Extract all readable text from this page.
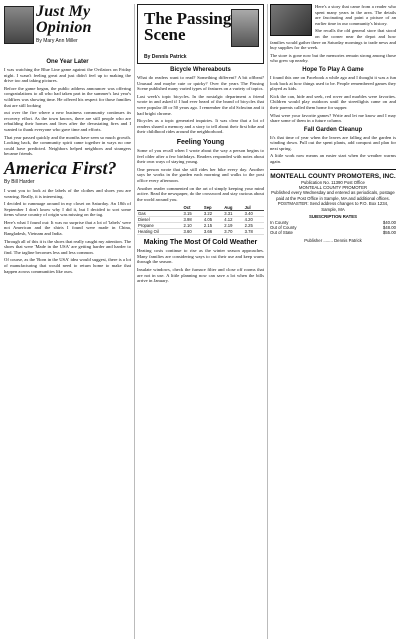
Just My
Opinion
By Mary Ann Miller
One Year Later

I was watching the Blue Line game against the Ovilators on Friday night. I wasn't feeling great and just didn't feel up to making the drive too and taking pictures.

Before the game began, the public address announcer was offering congratulations to all who had taken part in the summer's last year's wildfires was showing time. He offered his respect for those families that are still looking

out over the fire where a new business community continues its recovery effort. As the town knows, there are still people who are rebuilding their homes and lives after the devastating fires and I wanted to thank everyone who gave time and efforts.

That year passed quickly and the months have seen so much growth. Looking back, the community spirit came together in ways no one could have predicted. Neighbors helped neighbors and strangers became friends.

America First?
By Bill Harder

I want you to look at the labels of the clothes and shoes you are wearing. Really, it is interesting.

I decided to rummage around in my closet on Saturday. An 18th of September I don't know why I did it, but I decided to sort some items whose country of origin was missing on the tag.

Here's what I found out: It was no surprise that a lot of 'labels' were not American and the shirts I found were made in China, Bangladesh, Vietnam and India.

Through all of this it is the shoes that really caught my attention. The shoes that were 'Made in the USA' are getting harder and harder to find. The tagline becomes less and less common.

Of course, as the 'Born in the USA' idea would suggest, there is a lot of manufacturing that would need to return home to make that happen across communities like ours.

The Passing
Scene
By Dennis Patrick
Bicycle Whereabouts

What do readers want to read? Something different? A bit offbeat? Unusual and maybe cute or quirky? Over the years The Passing Scene published many varied types of features on a variety of topics.

Last week's topic bicycles. In the nostalgic department a friend wrote in and asked if I had ever heard of the brand of bicycles that were popular 40 or 50 years ago. I remember the old Schwinn and it had bright chrome.

Bicycles as a topic generated inquiries. It was clear that a lot of readers shared a memory and a story to tell about their first bike and their childhood rides around the neighborhood.

Feeling Young

Some of you recall when I wrote about the way a person begins to feel older after a few birthdays. Readers responded with notes about their own ways of staying young.

One person wrote that she still rides her bike every day. Another says he works in the garden each morning and walks to the post office every afternoon.

Another reader commented on the art of simply keeping your mind active. Read the newspaper, do the crossword and stay curious about the world around you.

	Oct	Sep	Aug	Jul
Gas	3.15	3.22	3.31	3.40
Diesel	3.98	4.05	4.12	4.20
Propane	2.10	2.15	2.19	2.25
Heating Oil	3.60	3.66	3.70	3.78
Making The Most Of Cold Weather

Heating costs continue to rise as the winter season approaches. Many families are considering ways to cut their use and keep warm through the season.

Insulate windows, check the furnace filter and close off rooms that are not in use. A little planning now can save a lot when the bills arrive in January.

Here's a story that came from a reader who spent many years in the area. The details are fascinating and paint a picture of an earlier time in our community's history.

She recalls the old general store that stood on the corner near the depot and how families would gather there on Saturday mornings to trade news and buy supplies for the week.

The store is gone now but the memories remain strong among those who grew up nearby.

Hope To Play A Game

I found this one on Facebook a while ago and I thought it was a fun look back at how things used to be. People remembered games they played as kids.

Kick the can, hide and seek, red rover and marbles were favorites. Children would play outdoors until the streetlights came on and their parents called them home for supper.

What were your favorite games? Write and let me know and I may share some of them in a future column.

Fall Garden Cleanup

It's that time of year when the leaves are falling and the garden is winding down. Pull out the spent plants, add compost and plan for next spring.

A little work now means an easier start when the weather warms again.

MONTEALL COUNTY PROMOTERS, INC.
Publication No. 11390 Post Office
MONTEALL COUNTY PROMOTER
Published every Wednesday and entered as periodicals, postage paid at the Post Office in Sample, MA and additional offices.
POSTMASTER: Send address changes to P.O. Box 1234, Sample, MA
SUBSCRIPTION RATES
In County	$40.00
Out of County	$48.00
Out of State	$55.00
Publisher ........ Dennis Patrick
